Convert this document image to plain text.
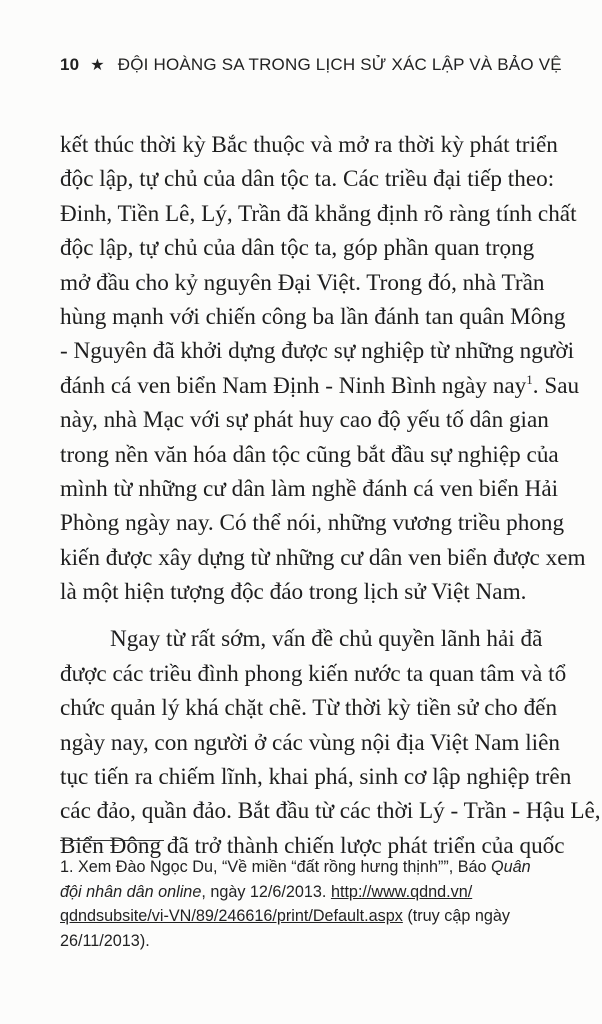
10 ★ ĐỘI HOÀNG SA TRONG LỊCH SỬ XÁC LẬP VÀ BẢO VỆ
kết thúc thời kỳ Bắc thuộc và mở ra thời kỳ phát triển
độc lập, tự chủ của dân tộc ta. Các triều đại tiếp theo:
Đinh, Tiền Lê, Lý, Trần đã khẳng định rõ ràng tính chất
độc lập, tự chủ của dân tộc ta, góp phần quan trọng
mở đầu cho kỷ nguyên Đại Việt. Trong đó, nhà Trần
hùng mạnh với chiến công ba lần đánh tan quân Mông
- Nguyên đã khởi dựng được sự nghiệp từ những người
đánh cá ven biển Nam Định - Ninh Bình ngày nay$^1$. Sau
này, nhà Mạc với sự phát huy cao độ yếu tố dân gian
trong nền văn hóa dân tộc cũng bắt đầu sự nghiệp của
mình từ những cư dân làm nghề đánh cá ven biển Hải
Phòng ngày nay. Có thể nói, những vương triều phong
kiến được xây dựng từ những cư dân ven biển được xem
là một hiện tượng độc đáo trong lịch sử Việt Nam.
Ngay từ rất sớm, vấn đề chủ quyền lãnh hải đã
được các triều đình phong kiến nước ta quan tâm và tổ
chức quản lý khá chặt chẽ. Từ thời kỳ tiền sử cho đến
ngày nay, con người ở các vùng nội địa Việt Nam liên
tục tiến ra chiếm lĩnh, khai phá, sinh cơ lập nghiệp trên
các đảo, quần đảo. Bắt đầu từ các thời Lý - Trần - Hậu Lê,
Biển Đông đã trở thành chiến lược phát triển của quốc
1. Xem Đào Ngọc Du, “Về miền “đất rồng hưng thịnh””, Báo Quân
đội nhân dân online, ngày 12/6/2013. http://www.qdnd.vn/
qdndsubsite/vi-VN/89/246616/print/Default.aspx (truy cập ngày
26/11/2013).
